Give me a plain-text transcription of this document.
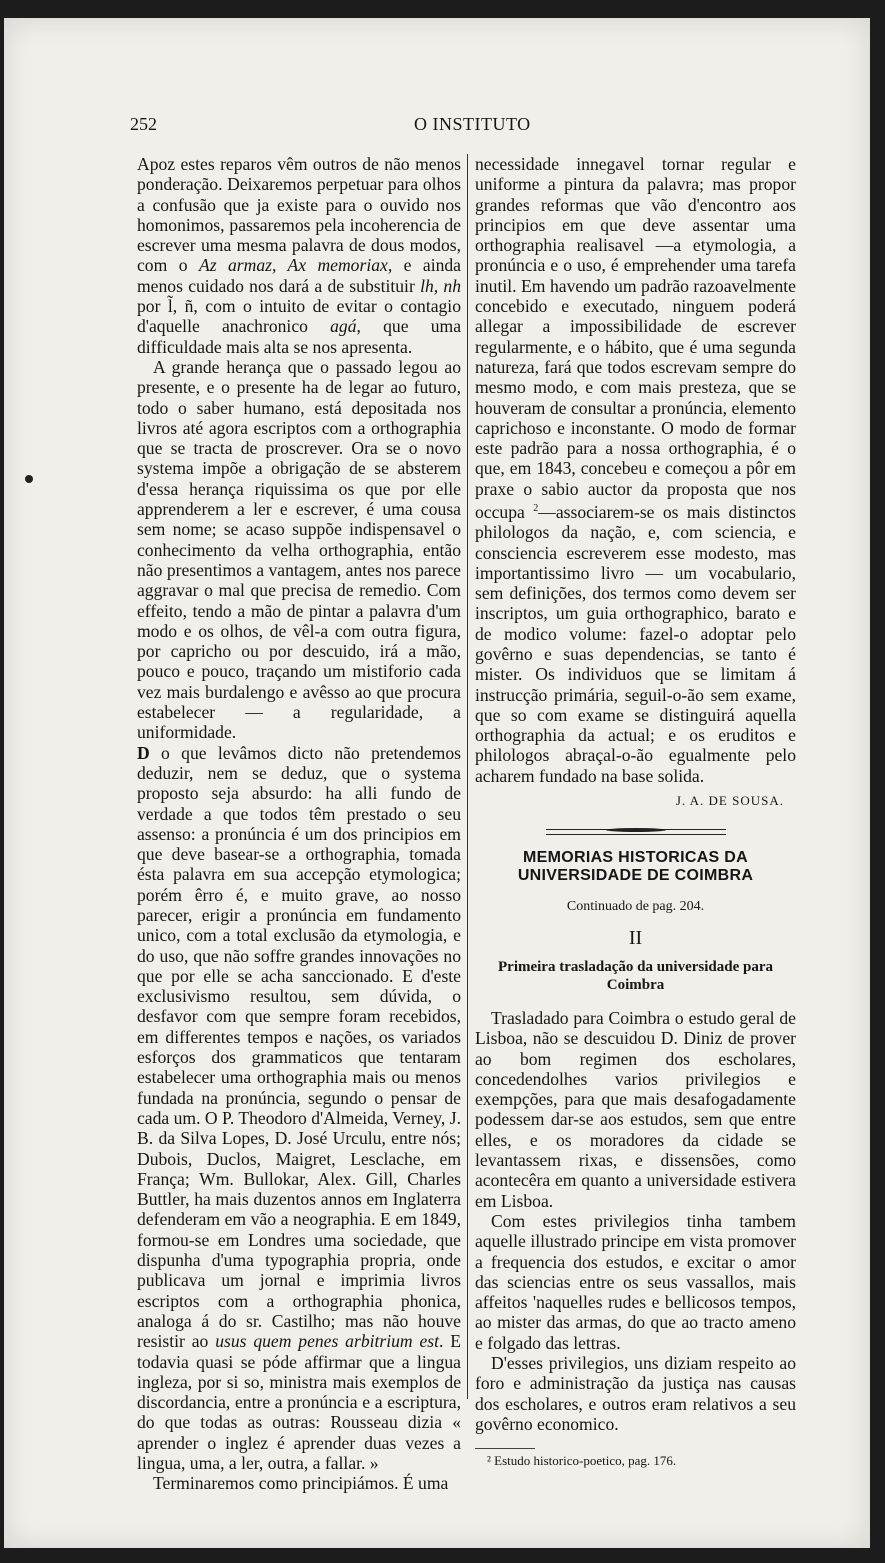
252	O INSTITUTO

Apoz estes reparos vêm outros de não menos ponderação. Deixaremos perpetuar para olhos a confusão que ja existe para o ouvido nos homonimos, passaremos pela incoherencia de escrever uma mesma palavra de dous modos, com o Az armaz, Ax memoriax, e ainda menos cuidado nos dará a de substituir lh, nh por l̃, ñ, com o intuito de evitar o contagio d'aquelle anachronico agá, que uma difficuldade mais alta se nos apresenta.

A grande herança que o passado legou ao presente, e o presente ha de legar ao futuro, todo o saber humano, está depositada nos livros até agora escriptos com a orthographia que se tracta de proscrever. Ora se o novo systema impõe a obrigação de se absterem d'essa herança riquissima os que por elle apprenderem a ler e escrever, é uma cousa sem nome; se acaso suppõe indispensavel o conhecimento da velha orthographia, então não presentimos a vantagem, antes nos parece aggravar o mal que precisa de remedio. Com effeito, tendo a mão de pintar a palavra d'um modo e os olhos, de vêl-a com outra figura, por capricho ou por descuido, irá a mão, pouco e pouco, traçando um mistiforio cada vez mais burdalengo e avêsso ao que procura estabelecer — a regularidade, a uniformidade.

D o que levâmos dicto não pretendemos deduzir, nem se deduz, que o systema proposto seja absurdo: ha alli fundo de verdade a que todos têm prestado o seu assenso: a pronúncia é um dos principios em que deve basear-se a orthographia, tomada ésta palavra em sua accepção etymologica; porém êrro é, e muito grave, ao nosso parecer, erigir a pronúncia em fundamento unico, com a total exclusão da etymologia, e do uso, que não soffre grandes innovações no que por elle se acha sanccionado. E d'este exclusivismo resultou, sem dúvida, o desfavor com que sempre foram recebidos, em differentes tempos e nações, os variados esforços dos grammaticos que tentaram estabelecer uma orthographia mais ou menos fundada na pronúncia, segundo o pensar de cada um. O P. Theodoro d'Almeida, Verney, J. B. da Silva Lopes, D. José Urculu, entre nós; Dubois, Duclos, Maigret, Lesclache, em França; Wm. Bullokar, Alex. Gill, Charles Buttler, ha mais duzentos annos em Inglaterra defenderam em vão a neographia. E em 1849, formou-se em Londres uma sociedade, que dispunha d'uma typographia propria, onde publicava um jornal e imprimia livros escriptos com a orthographia phonica, analoga á do sr. Castilho; mas não houve resistir ao usus quem penes arbitrium est. E todavia quasi se póde affirmar que a lingua ingleza, por si so, ministra mais exemplos de discordancia, entre a pronúncia e a escriptura, do que todas as outras: Rousseau dizia « aprender o inglez é aprender duas vezes a lingua, uma, a ler, outra, a fallar. »

Terminaremos como principiámos. É uma

necessidade innegavel tornar regular e uniforme a pintura da palavra; mas propor grandes reformas que vão d'encontro aos principios em que deve assentar uma orthographia realisavel —a etymologia, a pronúncia e o uso, é emprehender uma tarefa inutil. Em havendo um padrão razoavelmente concebido e executado, ninguem poderá allegar a impossibilidade de escrever regularmente, e o hábito, que é uma segunda natureza, fará que todos escrevam sempre do mesmo modo, e com mais presteza, que se houveram de consultar a pronúncia, elemento caprichoso e inconstante. O modo de formar este padrão para a nossa orthographia, é o que, em 1843, concebeu e começou a pôr em praxe o sabio auctor da proposta que nos occupa $^2$—associarem-se os mais distinctos philologos da nação, e, com sciencia, e consciencia escreverem esse modesto, mas importantissimo livro — um vocabulario, sem definições, dos termos como devem ser inscriptos, um guia orthographico, barato e de modico volume: fazel-o adoptar pelo govêrno e suas dependencias, se tanto é mister. Os individuos que se limitam á instrucção primária, seguil-o-ão sem exame, que so com exame se distinguirá aquella orthographia da actual; e os eruditos e philologos abraçal-o-ão egualmente pelo acharem fundado na base solida.

J. A. DE SOUSA.
MEMORIAS HISTORICAS DA UNIVERSIDADE DE COIMBRA
Continuado de pag. 204.
II
Primeira trasladação da universidade para Coimbra

Trasladado para Coimbra o estudo geral de Lisboa, não se descuidou D. Diniz de prover ao bom regimen dos escholares, concedendolhes varios privilegios e exempções, para que mais desafogadamente podessem dar-se aos estudos, sem que entre elles, e os moradores da cidade se levantassem rixas, e dissensões, como acontecêra em quanto a universidade estivera em Lisboa.

Com estes privilegios tinha tambem aquelle illustrado principe em vista promover a frequencia dos estudos, e excitar o amor das sciencias entre os seus vassallos, mais affeitos 'naquelles rudes e bellicosos tempos, ao mister das armas, do que ao tracto ameno e folgado das lettras.

D'esses privilegios, uns diziam respeito ao foro e administração da justiça nas causas dos escholares, e outros eram relativos a seu govêrno economico.

² Estudo historico-poetico, pag. 176.
